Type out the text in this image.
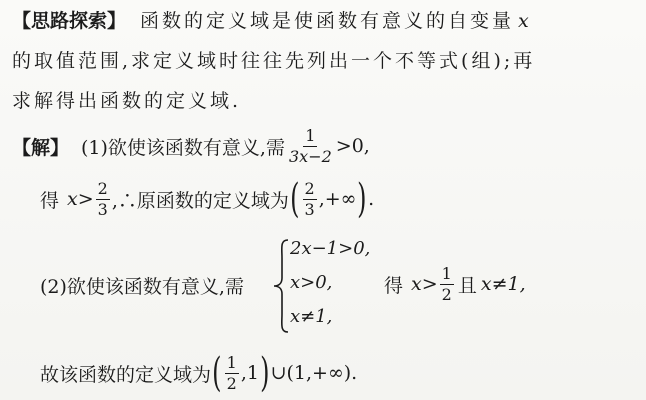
【思路探索】 函数的定义域是使函数有意义的自变量 x
的取值范围,求定义域时往往先列出一个不等式(组);再
求解得出函数的定义域.
【解】 (1)欲使该函数有意义,需 $\frac{1}{3x-2} >0$,
得 $x > \frac{2}{3}$ ,∴原函数的定义域为 ( $\frac{2}{3}$ ,+∞ ) .
(2)欲使该函数有意义,需
2x−1>0,
x>0,
x≠1,
得 $x > \frac{1}{2}$ 且 x≠1,
故该函数的定义域为 ( $\frac{1}{2} ,1$ ) ∪(1,+∞).
